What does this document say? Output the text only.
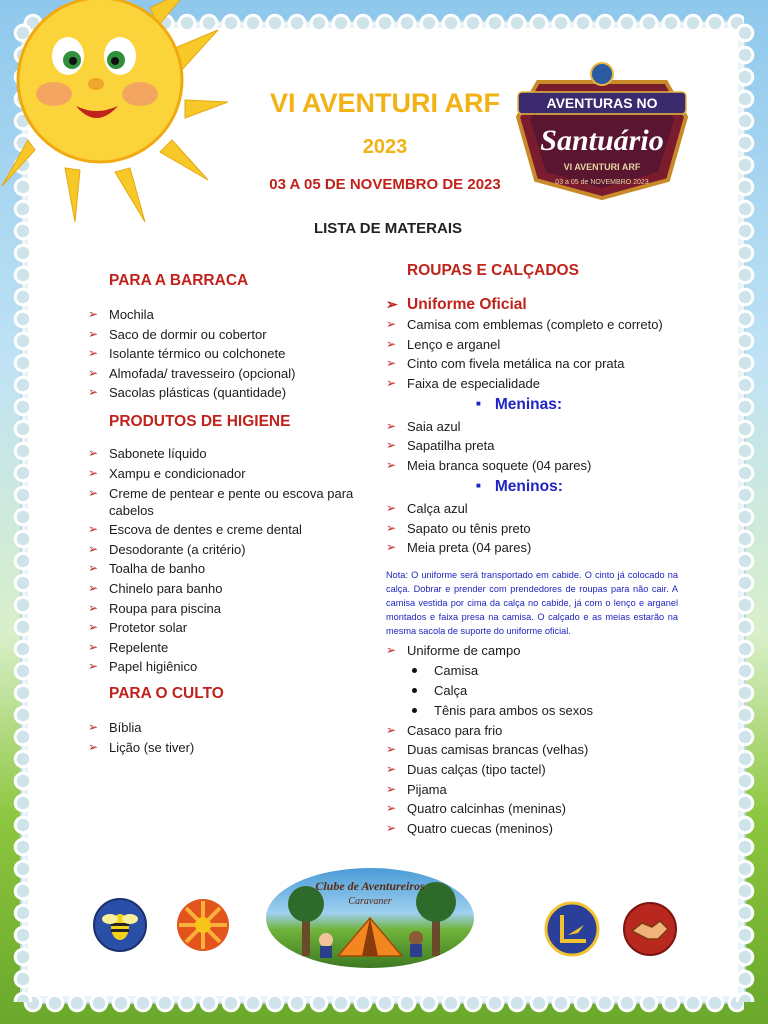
AVENTURAS NO
Santuário
VI AVENTURI ARF
03 a 05 de NOVEMBRO 2023
VI AVENTURI ARF
2023
03 A 05 DE NOVEMBRO DE 2023
LISTA DE MATERAIS

PARA A BARRACA

➢ Mochila
➢ Saco de dormir ou cobertor
➢ Isolante térmico ou colchonete
➢ Almofada/ travesseiro (opcional)
➢ Sacolas plásticas (quantidade)

PRODUTOS DE HIGIENE

➢ Sabonete líquido
➢ Xampu e condicionador
➢ Creme de pentear e pente ou escova para cabelos
➢ Escova de dentes e creme dental
➢ Desodorante (a critério)
➢ Toalha de banho
➢ Chinelo para banho
➢ Roupa para piscina
➢ Protetor solar
➢ Repelente
➢ Papel higiênico

PARA O CULTO

➢ Bíblia
➢ Lição (se tiver)

ROUPAS E CALÇADOS

➢ Uniforme Oficial
➢ Camisa com emblemas (completo e correto)
➢ Lenço e arganel
➢ Cinto com fivela metálica na cor prata
➢ Faixa de especialidade
■ Meninas:
➢ Saia azul
➢ Sapatilha preta
➢ Meia branca soquete (04 pares)
■ Meninos:
➢ Calça azul
➢ Sapato ou tênis preto
➢ Meia preta (04 pares)

Nota: O uniforme será transportado em cabide. O cinto já colocado na calça. Dobrar e prender com prendedores de roupas para não cair. A camisa vestida por cima da calça no cabide, já com o lenço e arganel montados e faixa presa na camisa. O calçado e as meias estarão na mesma sacola de suporte do uniforme oficial.

➢ Uniforme de campo
Camisa
Calça
Tênis para ambos os sexos
➢ Casaco para frio
➢ Duas camisas brancas (velhas)
➢ Duas calças (tipo tactel)
➢ Pijama
➢ Quatro calcinhas (meninas)
➢ Quatro cuecas (meninos)
Clube de Aventureiros
Caravaner
